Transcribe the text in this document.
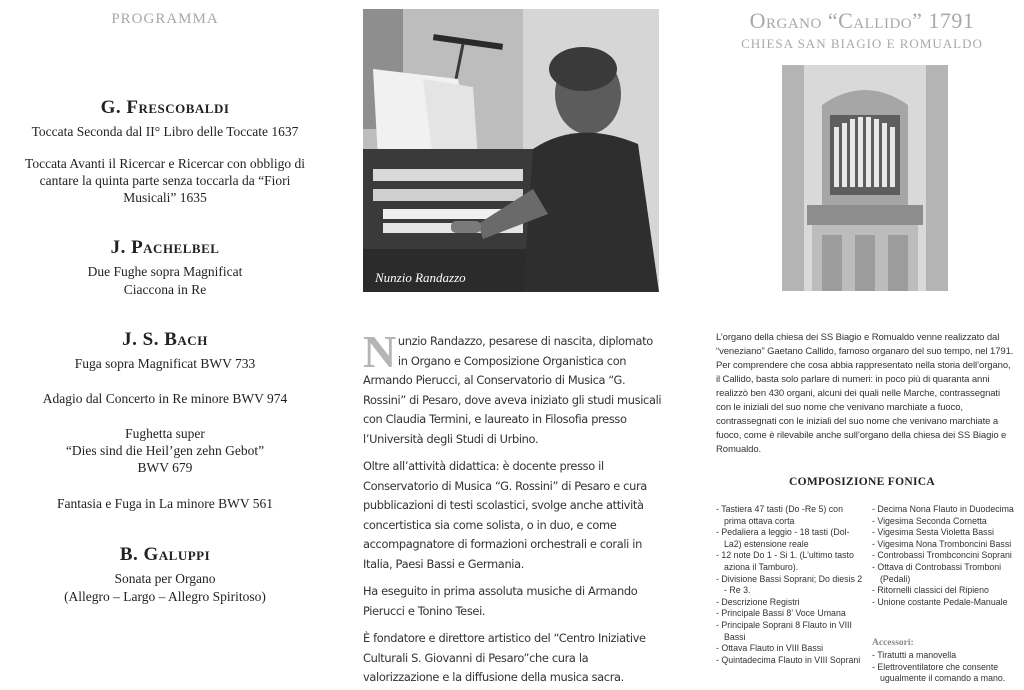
PROGRAMMA
G. Frescobaldi
Toccata Seconda dal II° Libro delle Toccate 1637
Toccata Avanti il Ricercar e Ricercar con obbligo di cantare la quinta parte senza toccarla da “Fiori Musicali” 1635
J. Pachelbel
Due Fughe sopra Magnificat
Ciaccona in Re
J. S. Bach
Fuga sopra Magnificat BWV 733
Adagio dal Concerto in Re minore BWV 974
Fughetta super
“Dies sind die Heil’gen zehn Gebot”
BWV 679
Fantasia e Fuga in La minore BWV 561
B. Galuppi
Sonata per Organo
(Allegro – Largo – Allegro Spiritoso)
Nunzio Randazzo

Nunzio Randazzo, pesarese di nascita, diplomato in Organo e Composizione Organistica con Armando Pierucci, al Conservatorio di Musica “G. Rossini” di Pesaro, dove aveva iniziato gli studi musicali con Claudia Termini, e laureato in Filosofia presso l’Università degli Studi di Urbino.

Oltre all’attività didattica: è docente presso il Conservatorio di Musica “G. Rossini” di Pesaro e cura pubblicazioni di testi scolastici, svolge anche attività concertistica sia come solista, o in duo, e come accompagnatore di formazioni orchestrali e corali in Italia, Paesi Bassi e Germania.

Ha eseguito in prima assoluta musiche di Armando Pierucci e Tonino Tesei.

È fondatore e direttore artistico del “Centro Iniziative Culturali S. Giovanni di Pesaro”che cura la valorizzazione e la diffusione della musica sacra.

Organo “Callido” 1791
CHIESA SAN BIAGIO E ROMUALDO
L’organo della chiesa dei SS Biagio e Romualdo venne realizzato dal “veneziano” Gaetano Callido, famoso organaro del suo tempo, nel 1791. Per comprendere che cosa abbia rappresentato nella storia dell’organo, il Callido, basta solo parlare di numeri: in poco più di quaranta anni realizzò ben 430 organi, alcuni dei quali nelle Marche, contrassegnati con le iniziali del suo nome che venivano marchiate a fuoco, contrassegnati con le iniziali del suo nome che venivano marchiate a fuoco, come è rilevabile anche sull’organo della chiesa dei SS Biagio e Romualdo.
COMPOSIZIONE FONICA
- Tastiera 47 tasti (Do -Re 5) con prima ottava corta
- Pedaliera a leggio - 18 tasti (Dol-La2) estensione reale
- 12 note Do 1 - Si 1. (L’ultimo tasto aziona il Tamburo).
- Divisione Bassi Soprani; Do diesis 2 - Re 3.
- Descrizione Registri
- Principale Bassi 8’ Voce Umana
- Principale Soprani 8 Flauto in VIII Bassi
- Ottava Flauto in VIII Bassi
- Quintadecima Flauto in VIII Soprani
- Decima Nona Flauto in Duodecima
- Vigesima Seconda Cornetta
- Vigesima Sesta Violetta Bassi
- Vigesima Nona Tromboncini Bassi
- Controbassi Trombconcini Soprani
- Ottava di Controbassi Tromboni (Pedali)
- Ritornelli classici del Ripieno
- Unione costante Pedale-Manuale
Accessori:
- Tiratutti a manovella
- Elettroventilatore che consente ugualmente il comando a mano.
